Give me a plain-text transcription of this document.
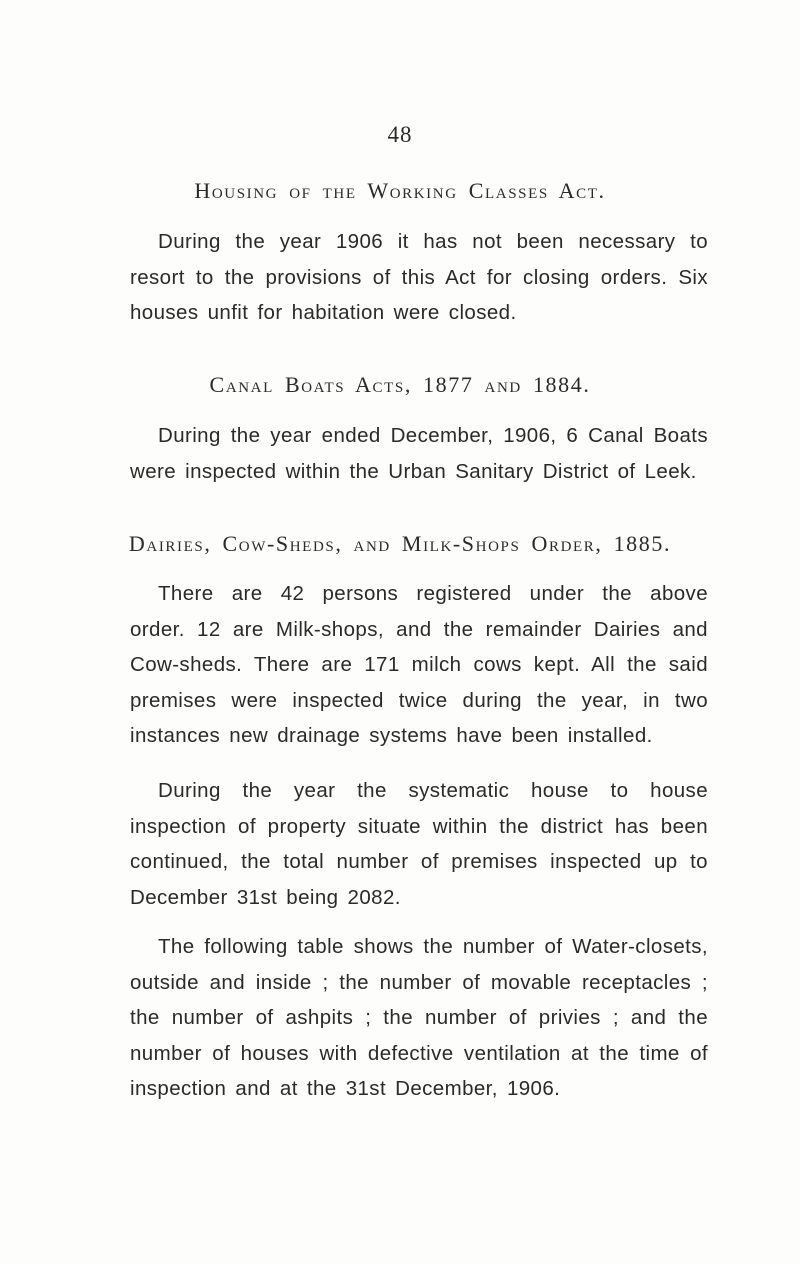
48
Housing of the Working Classes Act.

During the year 1906 it has not been necessary to resort to the provisions of this Act for closing orders. Six houses unfit for habitation were closed.

Canal Boats Acts, 1877 and 1884.

During the year ended December, 1906, 6 Canal Boats were inspected within the Urban Sanitary District of Leek.

Dairies, Cow-Sheds, and Milk-Shops Order, 1885.

There are 42 persons registered under the above order. 12 are Milk-shops, and the remainder Dairies and Cow-sheds. There are 171 milch cows kept. All the said premises were inspected twice during the year, in two instances new drainage systems have been installed.

During the year the systematic house to house inspection of property situate within the district has been continued, the total number of premises inspected up to December 31st being 2082.

The following table shows the number of Water-closets, outside and inside ; the number of movable receptacles ; the number of ashpits ; the number of privies ; and the number of houses with defective ventilation at the time of inspection and at the 31st December, 1906.
